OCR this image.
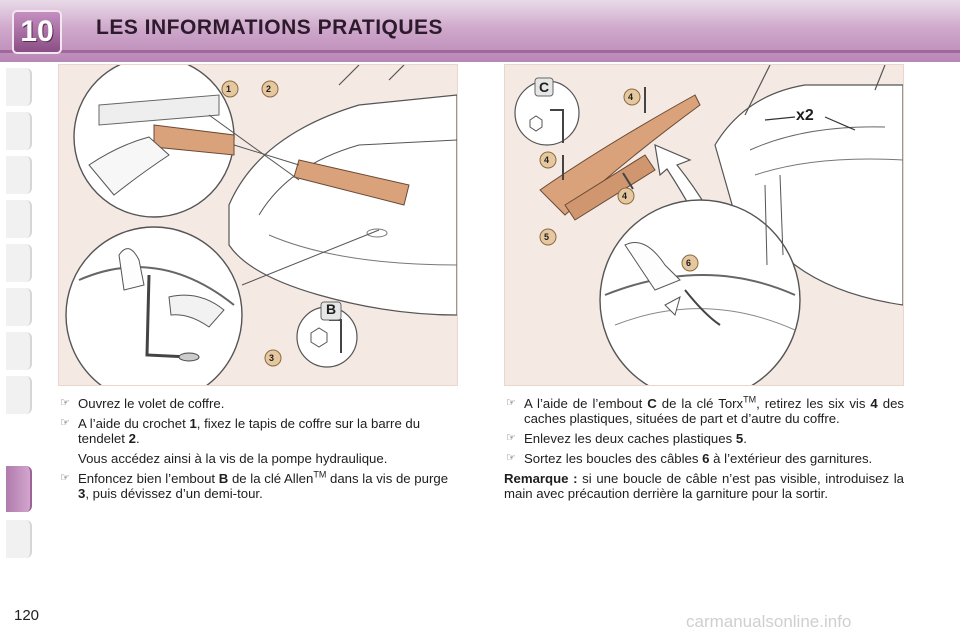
10	LES INFORMATIONS PRATIQUES
1	2
3
B
4
4
4
5
6
C
x2
☞ Ouvrez le volet de coffre.
☞ A l’aide du crochet 1, fixez le tapis de coffre sur la barre du tendelet 2.
Vous accédez ainsi à la vis de la pompe hydraulique.
☞ Enfoncez bien l’embout B de la clé Allen™ dans la vis de purge 3, puis dévissez d’un demi-tour.
☞ A l’aide de l’embout C de la clé Torx™, retirez les six vis 4 des caches plastiques, situées de part et d’autre du coffre.
☞ Enlevez les deux caches plastiques 5.
☞ Sortez les boucles des câbles 6 à l’extérieur des garnitures.
Remarque : si une boucle de câble n’est pas visible, introduisez la main avec précaution derrière la garniture pour la sortir.
120	carmanualsonline.info
